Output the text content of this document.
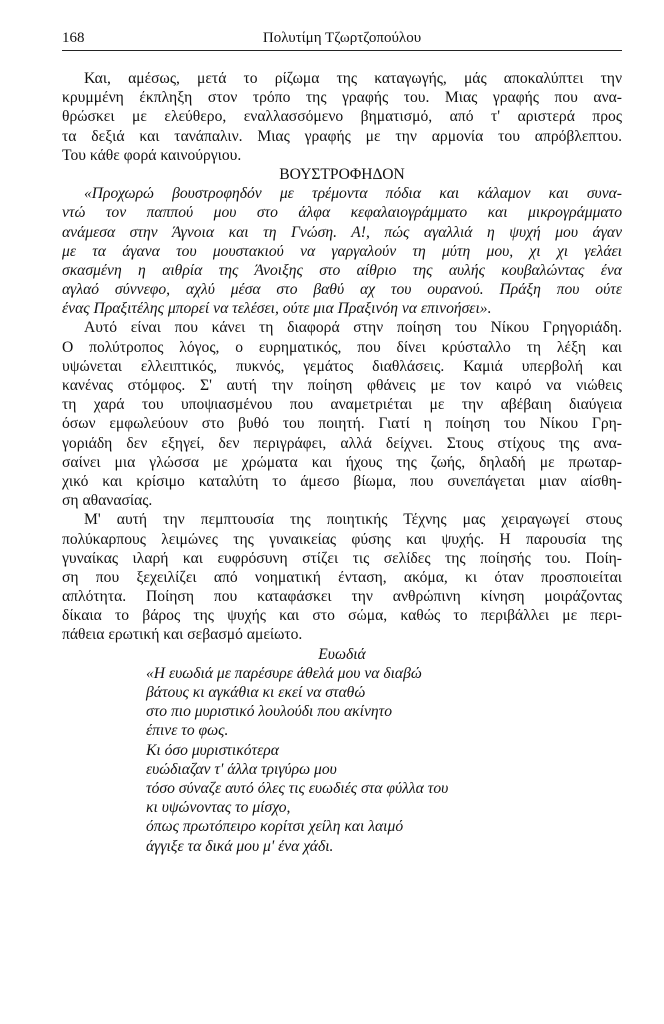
168	Πολυτίμη Τζωρτζοπούλου
Και, αμέσως, μετά το ρίζωμα της καταγωγής, μάς αποκαλύπτει την
κρυμμένη έκπληξη στον τρόπο της γραφής του. Μιας γραφής που ανα-
θρώσκει με ελεύθερο, εναλλασσόμενο βηματισμό, από τ' αριστερά προς
τα δεξιά και τανάπαλιν. Μιας γραφής με την αρμονία του απρόβλεπτου.
Του κάθε φορά καινούργιου.
ΒΟΥΣΤΡΟΦΗΔΟΝ
«Προχωρώ βουστροφηδόν με τρέμοντα πόδια και κάλαμον και συνα-
ντώ τον παππού μου στο άλφα κεφαλαιογράμματο και μικρογράμματο
ανάμεσα στην Άγνοια και τη Γνώση. Α!, πώς αγαλλιά η ψυχή μου άγαν
με τα άγανα του μουστακιού να γαργαλούν τη μύτη μου, χι χι γελάει
σκασμένη η αιθρία της Άνοιξης στο αίθριο της αυλής κουβαλώντας ένα
αγλαό σύννεφο, αχλύ μέσα στο βαθύ αχ του ουρανού. Πράξη που ούτε
ένας Πραξιτέλης μπορεί να τελέσει, ούτε μια Πραξινόη να επινοήσει».
Αυτό είναι που κάνει τη διαφορά στην ποίηση του Νίκου Γρηγοριάδη.
Ο πολύτροπος λόγος, ο ευρηματικός, που δίνει κρύσταλλο τη λέξη και
υψώνεται ελλειπτικός, πυκνός, γεμάτος διαθλάσεις. Καμιά υπερβολή και
κανένας στόμφος. Σ' αυτή την ποίηση φθάνεις με τον καιρό να νιώθεις
τη χαρά του υποψιασμένου που αναμετριέται με την αβέβαιη διαύγεια
όσων εμφωλεύουν στο βυθό του ποιητή. Γιατί η ποίηση του Νίκου Γρη-
γοριάδη δεν εξηγεί, δεν περιγράφει, αλλά δείχνει. Στους στίχους της ανα-
σαίνει μια γλώσσα με χρώματα και ήχους της ζωής, δηλαδή με πρωταρ-
χικό και κρίσιμο καταλύτη το άμεσο βίωμα, που συνεπάγεται μιαν αίσθη-
ση αθανασίας.
Μ' αυτή την πεμπτουσία της ποιητικής Τέχνης μας χειραγωγεί στους
πολύκαρπους λειμώνες της γυναικείας φύσης και ψυχής. Η παρουσία της
γυναίκας ιλαρή και ευφρόσυνη στίζει τις σελίδες της ποίησής του. Ποίη-
ση που ξεχειλίζει από νοηματική ένταση, ακόμα, κι όταν προσποιείται
απλότητα. Ποίηση που καταφάσκει την ανθρώπινη κίνηση μοιράζοντας
δίκαια το βάρος της ψυχής και στο σώμα, καθώς το περιβάλλει με περι-
πάθεια ερωτική και σεβασμό αμείωτο.
Ευωδιά
«Η ευωδιά με παρέσυρε άθελά μου να διαβώ
βάτους κι αγκάθια κι εκεί να σταθώ
στο πιο μυριστικό λουλούδι που ακίνητο
έπινε το φως.
Κι όσο μυριστικότερα
ευώδιαζαν τ' άλλα τριγύρω μου
τόσο σύναζε αυτό όλες τις ευωδιές στα φύλλα του
κι υψώνοντας το μίσχο,
όπως πρωτόπειρο κορίτσι χείλη και λαιμό
άγγιξε τα δικά μου μ' ένα χάδι.
